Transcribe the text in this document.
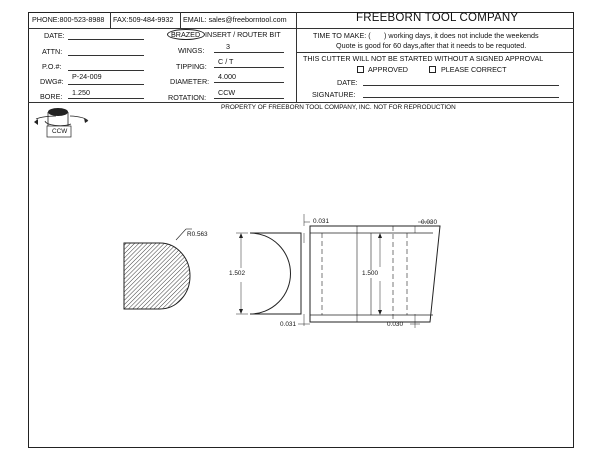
PHONE:800-523-8988 FAX:509-484-9932 EMAIL: sales@freeborntool.com	FREEBORN TOOL COMPANY
DATE:
ATTN:
P.O.#:
DWG#:
P-24-009
BORE: 1.250
BRAZED INSERT / ROUTER BIT
WINGS:	3
TIPPING:
C / T
DIAMETER:
4.000
ROTATION:
CCW
TIME TO MAKE: ( ) working days, it does not include the weekends
Quote is good for 60 days,after that it needs to be requoted.
THIS CUTTER WILL NOT BE STARTED WITHOUT A SIGNED APPROVAL
APPROVED	PLEASE CORRECT
DATE:
SIGNATURE:
PROPERTY OF FREEBORN TOOL COMPANY, INC. NOT FOR REPRODUCTION
CCW
R0.563
1.502	1.500
0.031	0.030
0.031	0.030
